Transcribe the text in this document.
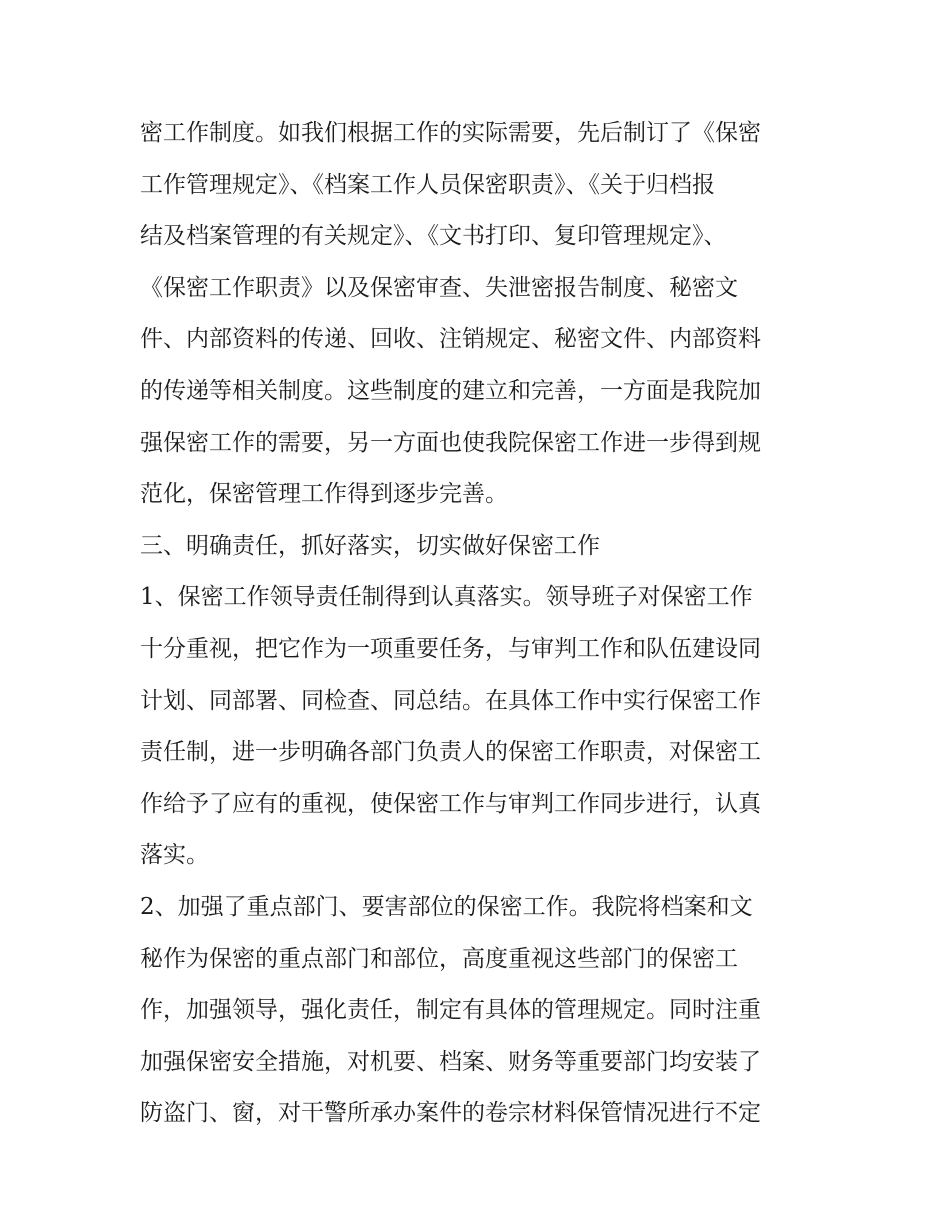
密工作制度。如我们根据工作的实际需要，先后制订了《保密
工作管理规定》、《档案工作人员保密职责》、《关于归档报
结及档案管理的有关规定》、《文书打印、复印管理规定》、
《保密工作职责》以及保密审查、失泄密报告制度、秘密文
件、内部资料的传递、回收、注销规定、秘密文件、内部资料
的传递等相关制度。这些制度的建立和完善，一方面是我院加
强保密工作的需要，另一方面也使我院保密工作进一步得到规
范化，保密管理工作得到逐步完善。
三、明确责任，抓好落实，切实做好保密工作
1、保密工作领导责任制得到认真落实。领导班子对保密工作
十分重视，把它作为一项重要任务，与审判工作和队伍建设同
计划、同部署、同检查、同总结。在具体工作中实行保密工作
责任制，进一步明确各部门负责人的保密工作职责，对保密工
作给予了应有的重视，使保密工作与审判工作同步进行，认真
落实。
2、加强了重点部门、要害部位的保密工作。我院将档案和文
秘作为保密的重点部门和部位，高度重视这些部门的保密工
作，加强领导，强化责任，制定有具体的管理规定。同时注重
加强保密安全措施，对机要、档案、财务等重要部门均安装了
防盗门、窗，对干警所承办案件的卷宗材料保管情况进行不定
